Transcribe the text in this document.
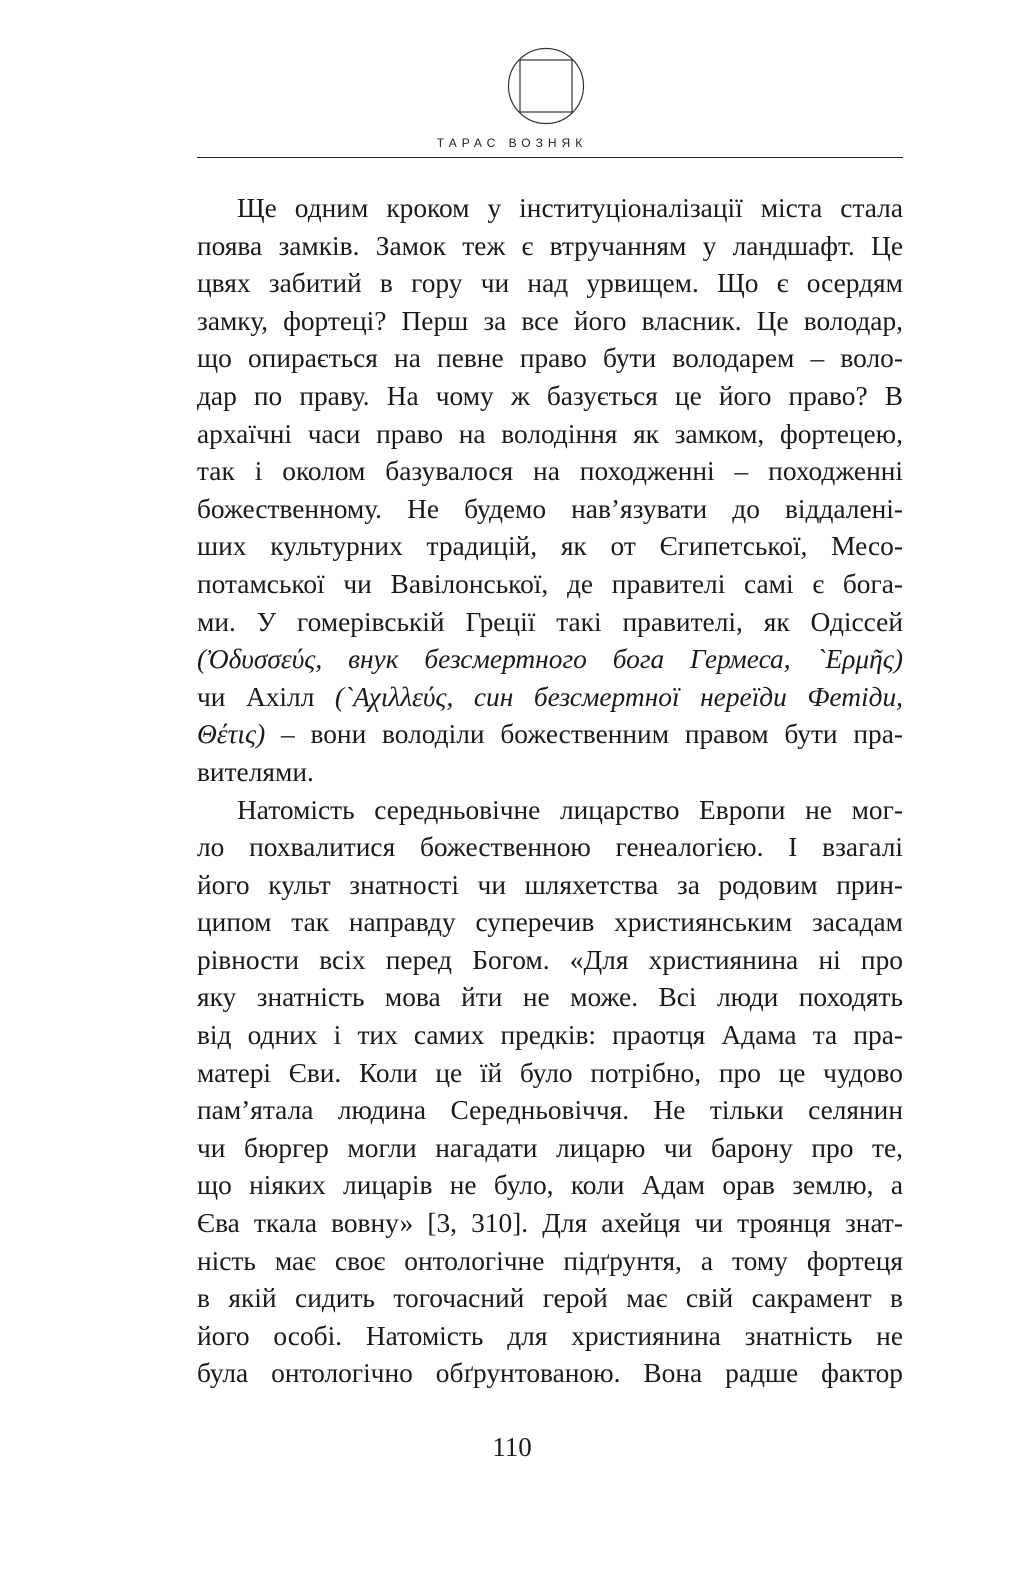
ТАРАС ВОЗНЯК
Ще одним кроком у інституціоналізації міста стала
поява замків. Замок теж є втручанням у ландшафт. Це
цвях забитий в гору чи над урвищем. Що є осердям
замку, фортеці? Перш за все його власник. Це володар,
що опирається на певне право бути володарем – воло-
дар по праву. На чому ж базується це його право? В
архаїчні часи право на володіння як замком, фортецею,
так і околом базувалося на походженні – походженні
божественному. Не будемо нав’язувати до віддалені-
ших культурних традицій, як от Єгипетської, Месо-
потамської чи Вавілонської, де правителі самі є бога-
ми. У гомерівській Греції такі правителі, як Одіссей
(Ὀδυσσεύς, внук безсмертного бога Гермеса, `Ερμῆς)
чи Ахілл (`Αχιλλεύς, син безсмертної нереїди Фетіди,
Θέτις) – вони володіли божественним правом бути пра-
вителями.
Натомість середньовічне лицарство Европи не мог-
ло похвалитися божественною генеалогією. І взагалі
його культ знатності чи шляхетства за родовим прин-
ципом так направду суперечив християнським засадам
рівности всіх перед Богом. «Для християнина ні про
яку знатність мова йти не може. Всі люди походять
від одних і тих самих предків: праотця Адама та пра-
матері Єви. Коли це їй було потрібно, про це чудово
пам’ятала людина Середньовіччя. Не тільки селянин
чи бюргер могли нагадати лицарю чи барону про те,
що ніяких лицарів не було, коли Адам орав землю, а
Єва ткала вовну» [3, 310]. Для ахейця чи троянця знат-
ність має своє онтологічне підґрунтя, а тому фортеця
в якій сидить тогочасний герой має свій сакрамент в
його особі. Натомість для християнина знатність не
була онтологічно обґрунтованою. Вона радше фактор
110
